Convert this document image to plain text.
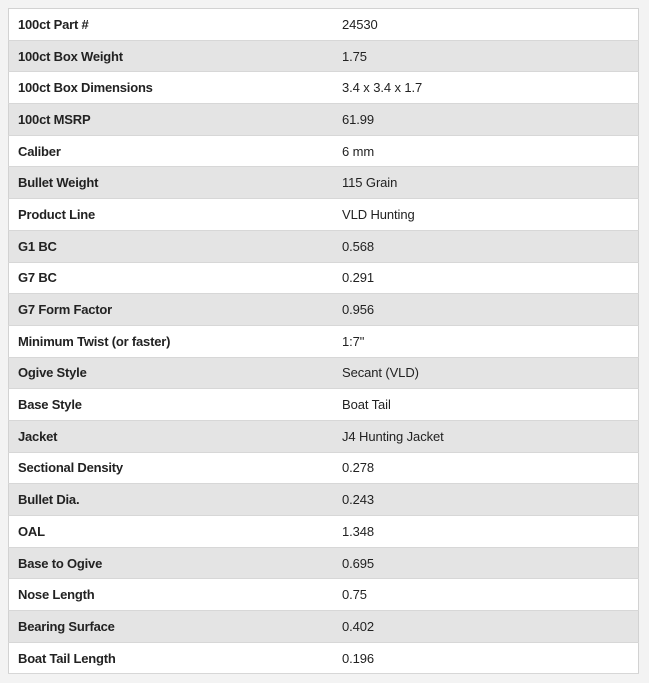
100ct Part #	24530
100ct Box Weight	1.75
100ct Box Dimensions	3.4 x 3.4 x 1.7
100ct MSRP	61.99
Caliber	6 mm
Bullet Weight	115 Grain
Product Line	VLD Hunting
G1 BC	0.568
G7 BC	0.291
G7 Form Factor	0.956
Minimum Twist (or faster)	1:7"
Ogive Style	Secant (VLD)
Base Style	Boat Tail
Jacket	J4 Hunting Jacket
Sectional Density	0.278
Bullet Dia.	0.243
OAL	1.348
Base to Ogive	0.695
Nose Length	0.75
Bearing Surface	0.402
Boat Tail Length	0.196
